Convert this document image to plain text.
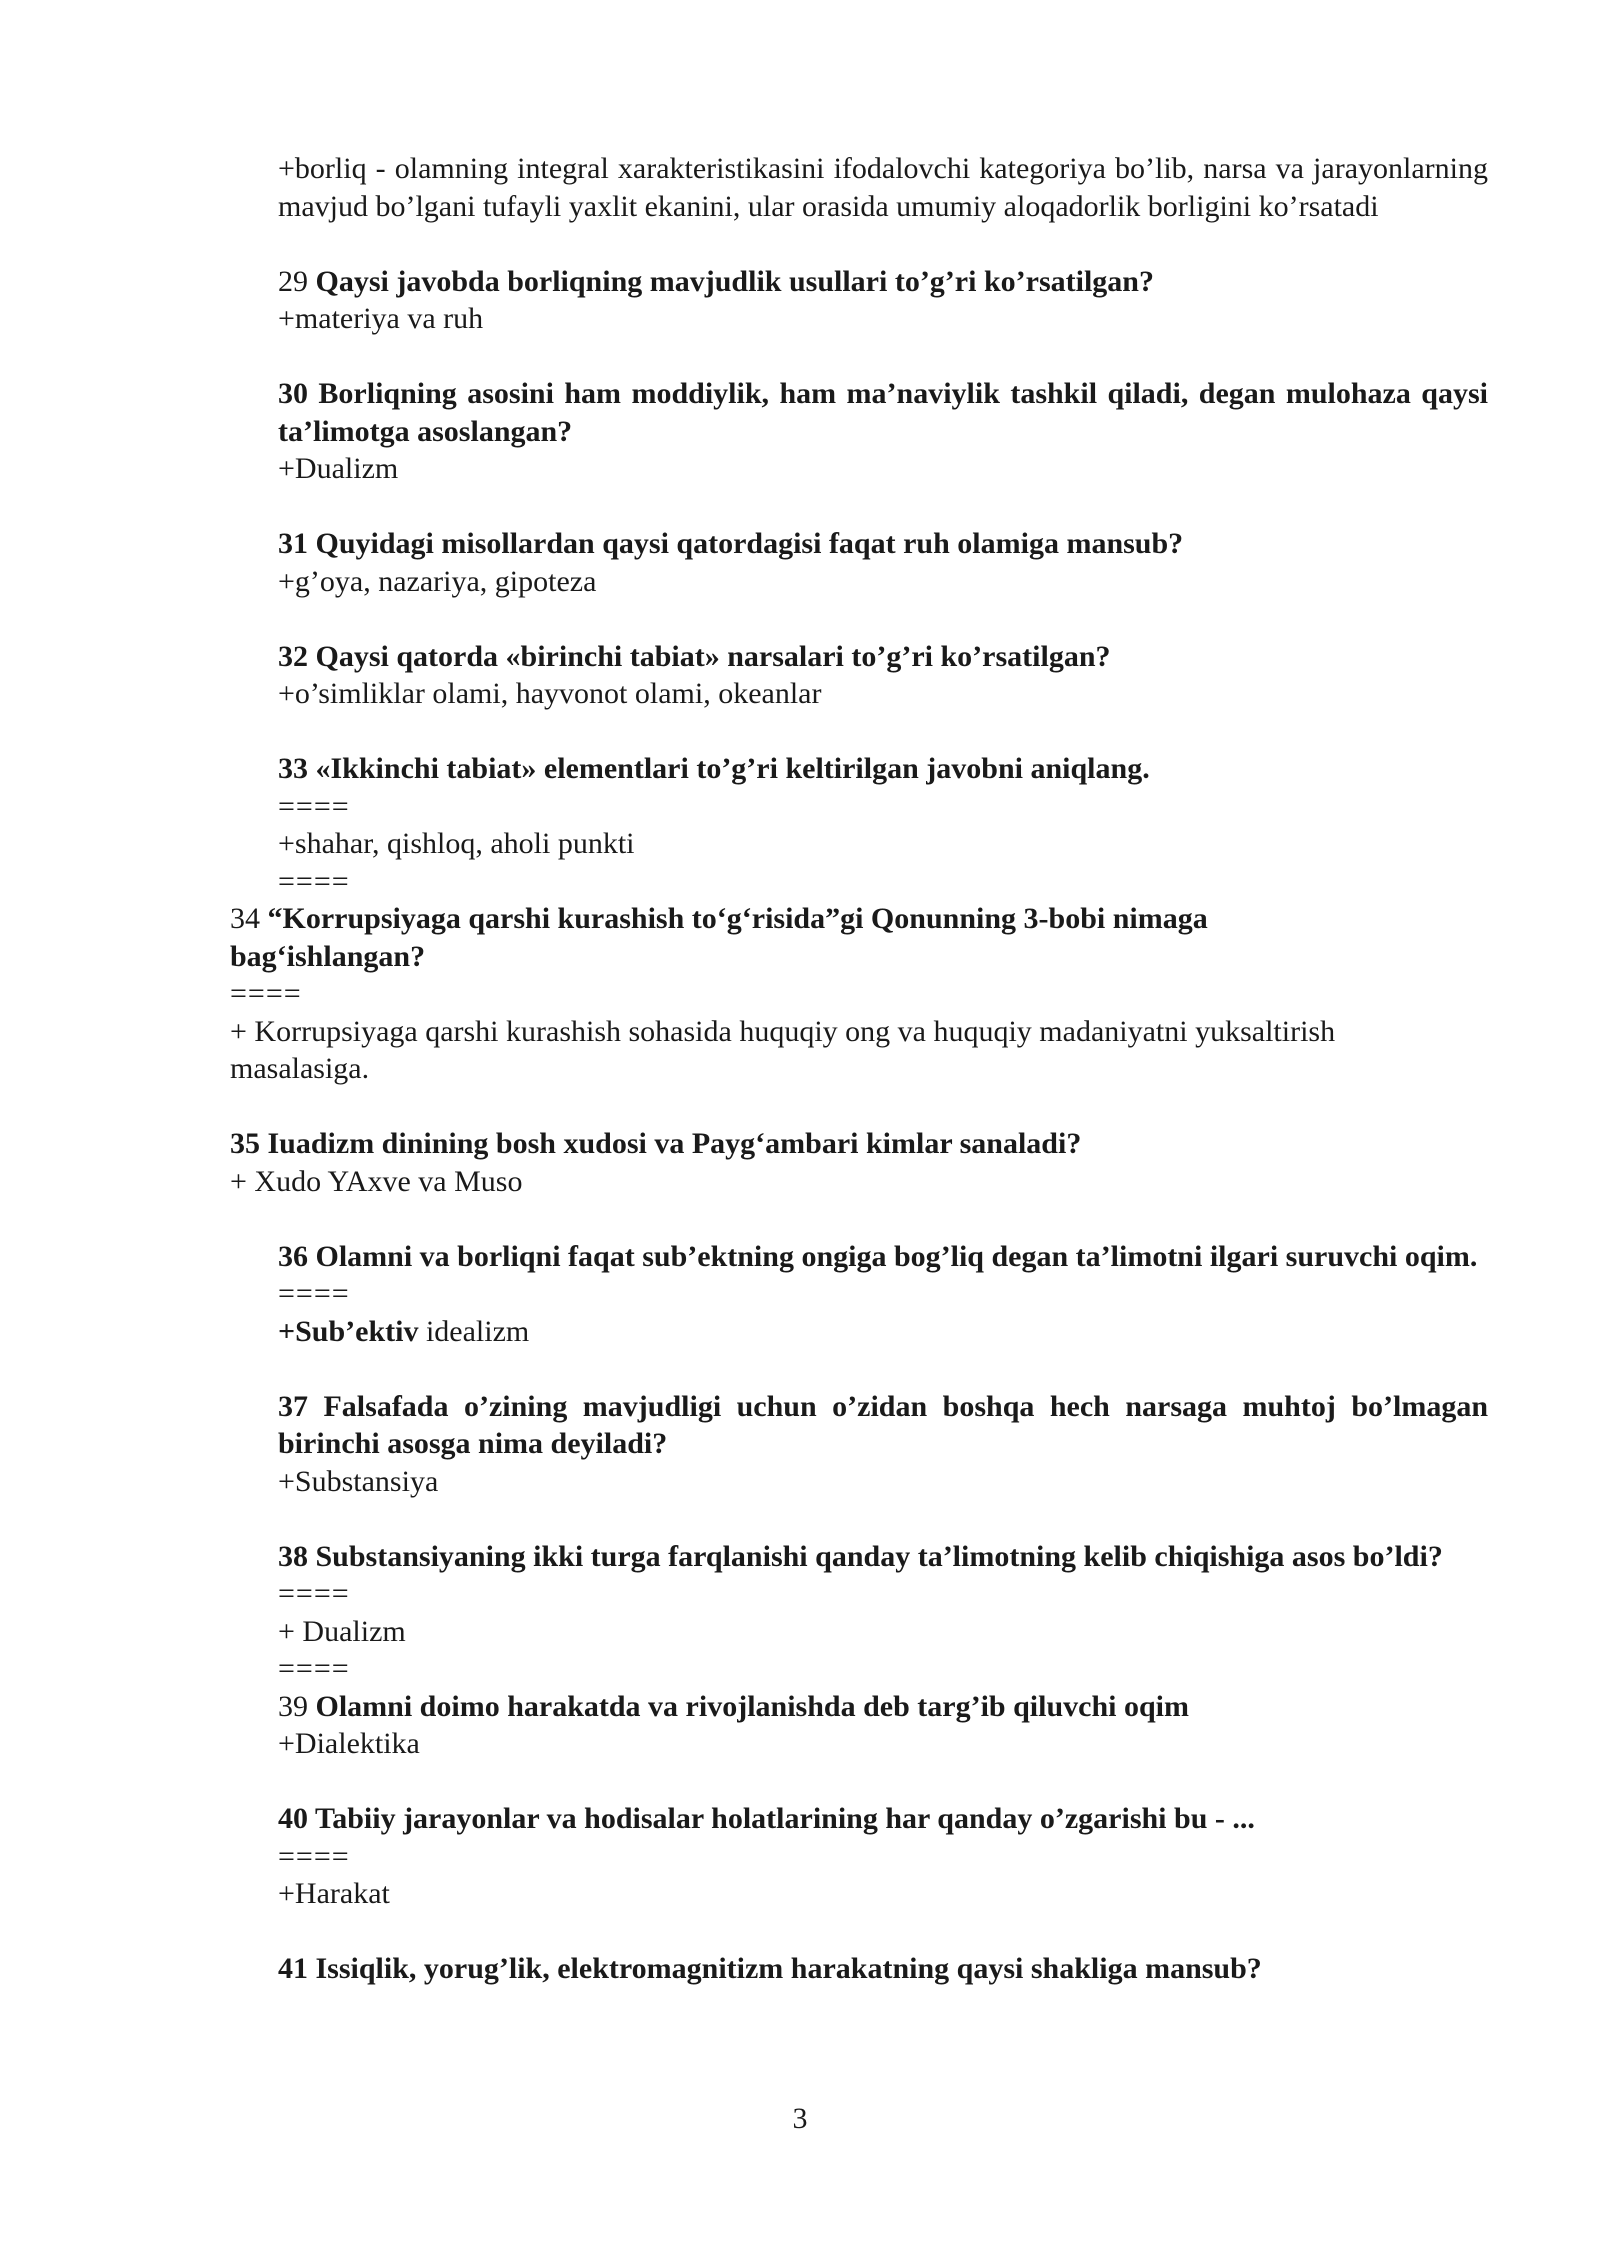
+borliq - olamning integral xarakteristikasini ifodalovchi kategoriya bo’lib, narsa va jarayonlarning mavjud bo’lgani tufayli yaxlit ekanini, ular orasida umumiy aloqadorlik borligini ko’rsatadi

29 Qaysi javobda borliqning mavjudlik usullari to’g’ri ko’rsatilgan?

+materiya va ruh

30 Borliqning asosini ham moddiylik, ham ma’naviylik tashkil qiladi, degan mulohaza qaysi ta’limotga asoslangan?

+Dualizm

31 Quyidagi misollardan qaysi qatordagisi faqat ruh olamiga mansub?

+g’oya, nazariya, gipoteza

32 Qaysi qatorda «birinchi tabiat» narsalari to’g’ri ko’rsatilgan?

+o’simliklar olami, hayvonot olami, okeanlar

33 «Ikkinchi tabiat» elementlari to’g’ri keltirilgan javobni aniqlang.

====

+shahar, qishloq, aholi punkti

====

34 “Korrupsiyaga qarshi kurashish to‘g‘risida”gi Qonunning 3-bobi nimaga bag‘ishlangan?

====

+ Korrupsiyaga qarshi kurashish sohasida huquqiy ong va huquqiy madaniyatni yuksaltirish masalasiga.

35 Iuadizm dinining bosh xudosi va Payg‘ambari kimlar sanaladi?

+ Xudo YAxve va Muso

36 Olamni va borliqni faqat sub’ektning ongiga bog’liq degan ta’limotni ilgari suruvchi oqim.

====

+Sub’ektiv idealizm

37 Falsafada o’zining mavjudligi uchun o’zidan boshqa hech narsaga muhtoj bo’lmagan birinchi asosga nima deyiladi?

+Substansiya

38 Substansiyaning ikki turga farqlanishi qanday ta’limotning kelib chiqishiga asos bo’ldi?

====

+ Dualizm

====

39 Olamni doimo harakatda va rivojlanishda deb targ’ib qiluvchi oqim

+Dialektika

40 Tabiiy jarayonlar va hodisalar holatlarining har qanday o’zgarishi bu - ...

====

+Harakat

41 Issiqlik, yorug’lik, elektromagnitizm harakatning qaysi shakliga mansub?

3
